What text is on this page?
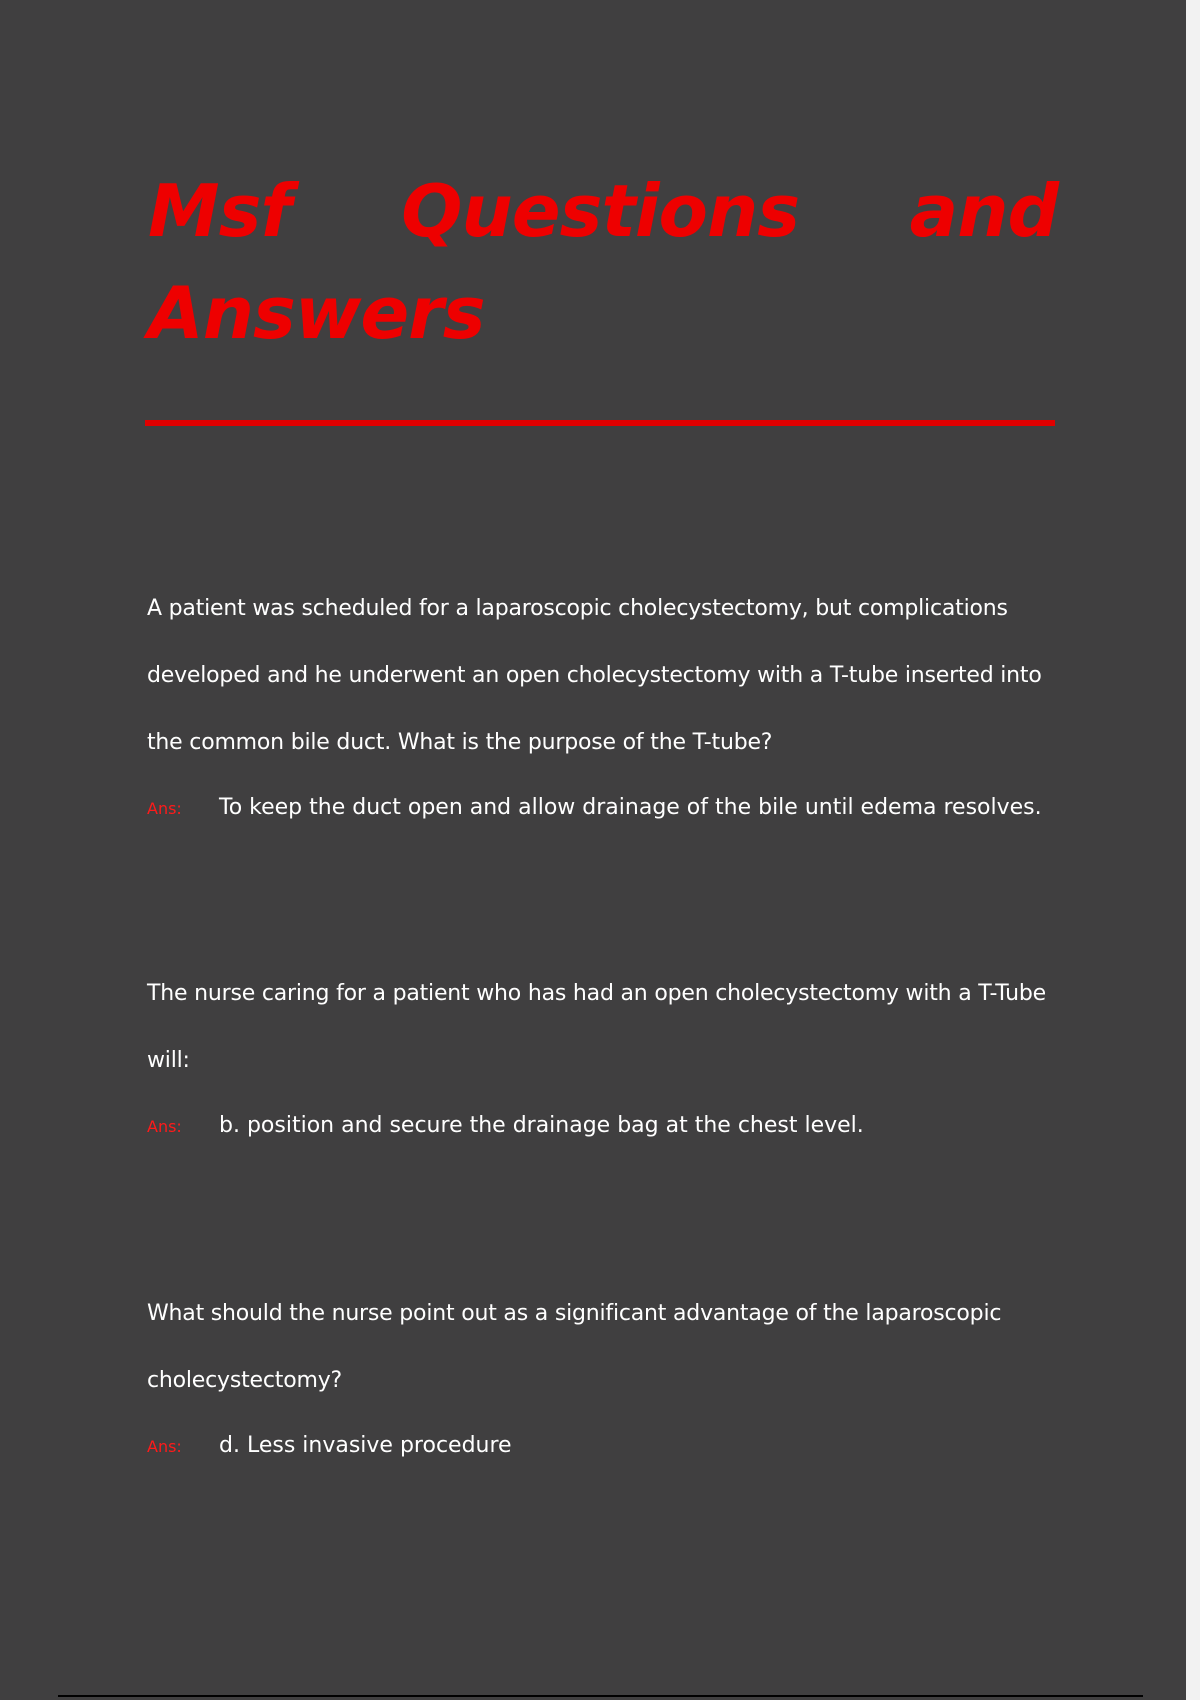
Msf Questions and Answers

A patient was scheduled for a laparoscopic cholecystectomy, but complications developed and he underwent an open cholecystectomy with a T-tube inserted into the common bile duct. What is the purpose of the T-tube?

Ans: To keep the duct open and allow drainage of the bile until edema resolves.

The nurse caring for a patient who has had an open cholecystectomy with a T-Tube will:

Ans: b. position and secure the drainage bag at the chest level.

What should the nurse point out as a significant advantage of the laparoscopic cholecystectomy?

Ans: d. Less invasive procedure
